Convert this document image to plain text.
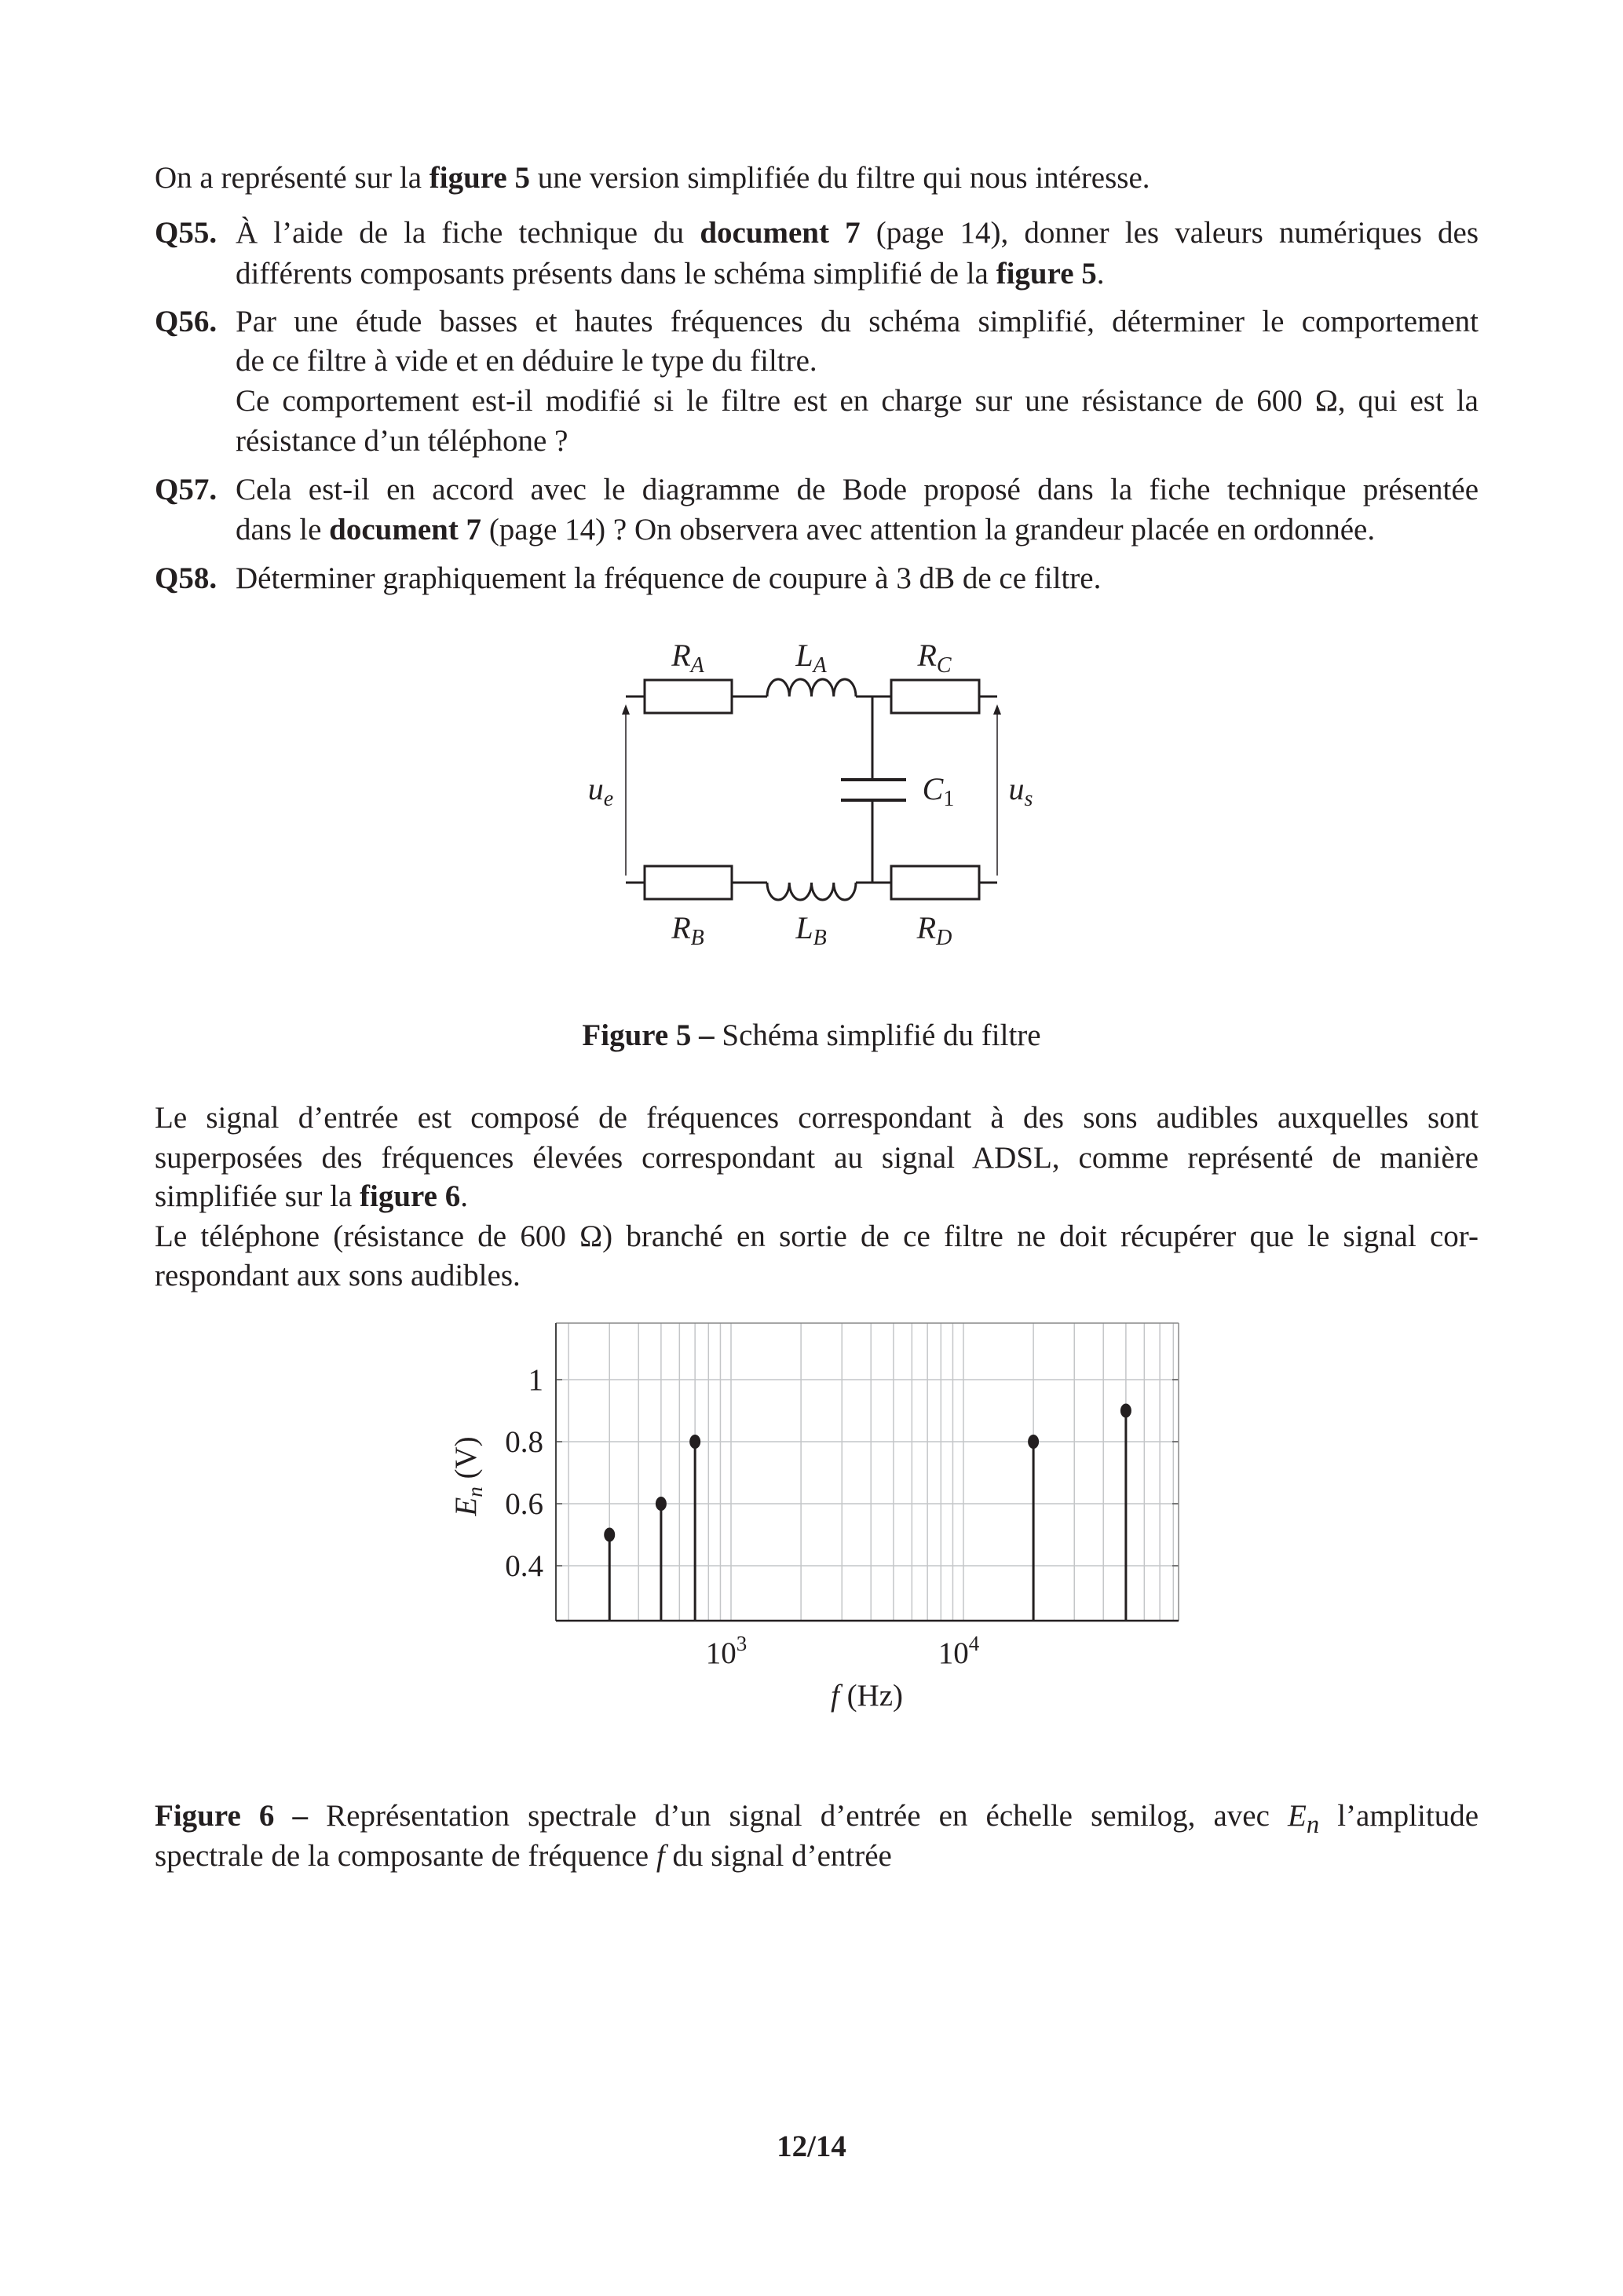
On a représenté sur la figure 5 une version simplifiée du filtre qui nous intéresse.
Q55. À l’aide de la fiche technique du document 7 (page 14), donner les valeurs numériques des
différents composants présents dans le schéma simplifié de la figure 5.
Q56. Par une étude basses et hautes fréquences du schéma simplifié, déterminer le comportement
de ce filtre à vide et en déduire le type du filtre.
Ce comportement est-il modifié si le filtre est en charge sur une résistance de 600 Ω, qui est la
résistance d’un téléphone ?
Q57. Cela est-il en accord avec le diagramme de Bode proposé dans la fiche technique présentée
dans le document 7 (page 14) ? On observera avec attention la grandeur placée en ordonnée.
Q58. Déterminer graphiquement la fréquence de coupure à 3 dB de ce filtre.
Figure 5 – Schéma simplifié du filtre
Le signal d’entrée est composé de fréquences correspondant à des sons audibles auxquelles sont
superposées des fréquences élevées correspondant au signal ADSL, comme représenté de manière
simplifiée sur la figure 6.
Le téléphone (résistance de 600 Ω) branché en sortie de ce filtre ne doit récupérer que le signal cor-
respondant aux sons audibles.
Figure 6 – Représentation spectrale d’un signal d’entrée en échelle semilog, avec $E_n$ l’amplitude
spectrale de la composante de fréquence f du signal d’entrée
12/14
$R_A$	$L_A$	$R_C$
$R_B$	$L_B$	$R_D$
$u_e$	$C_1$ $u_s$
0.4
0.6
0.8
1
$10^3$	$10^4$
f (Hz)
$E_n$ (V)
